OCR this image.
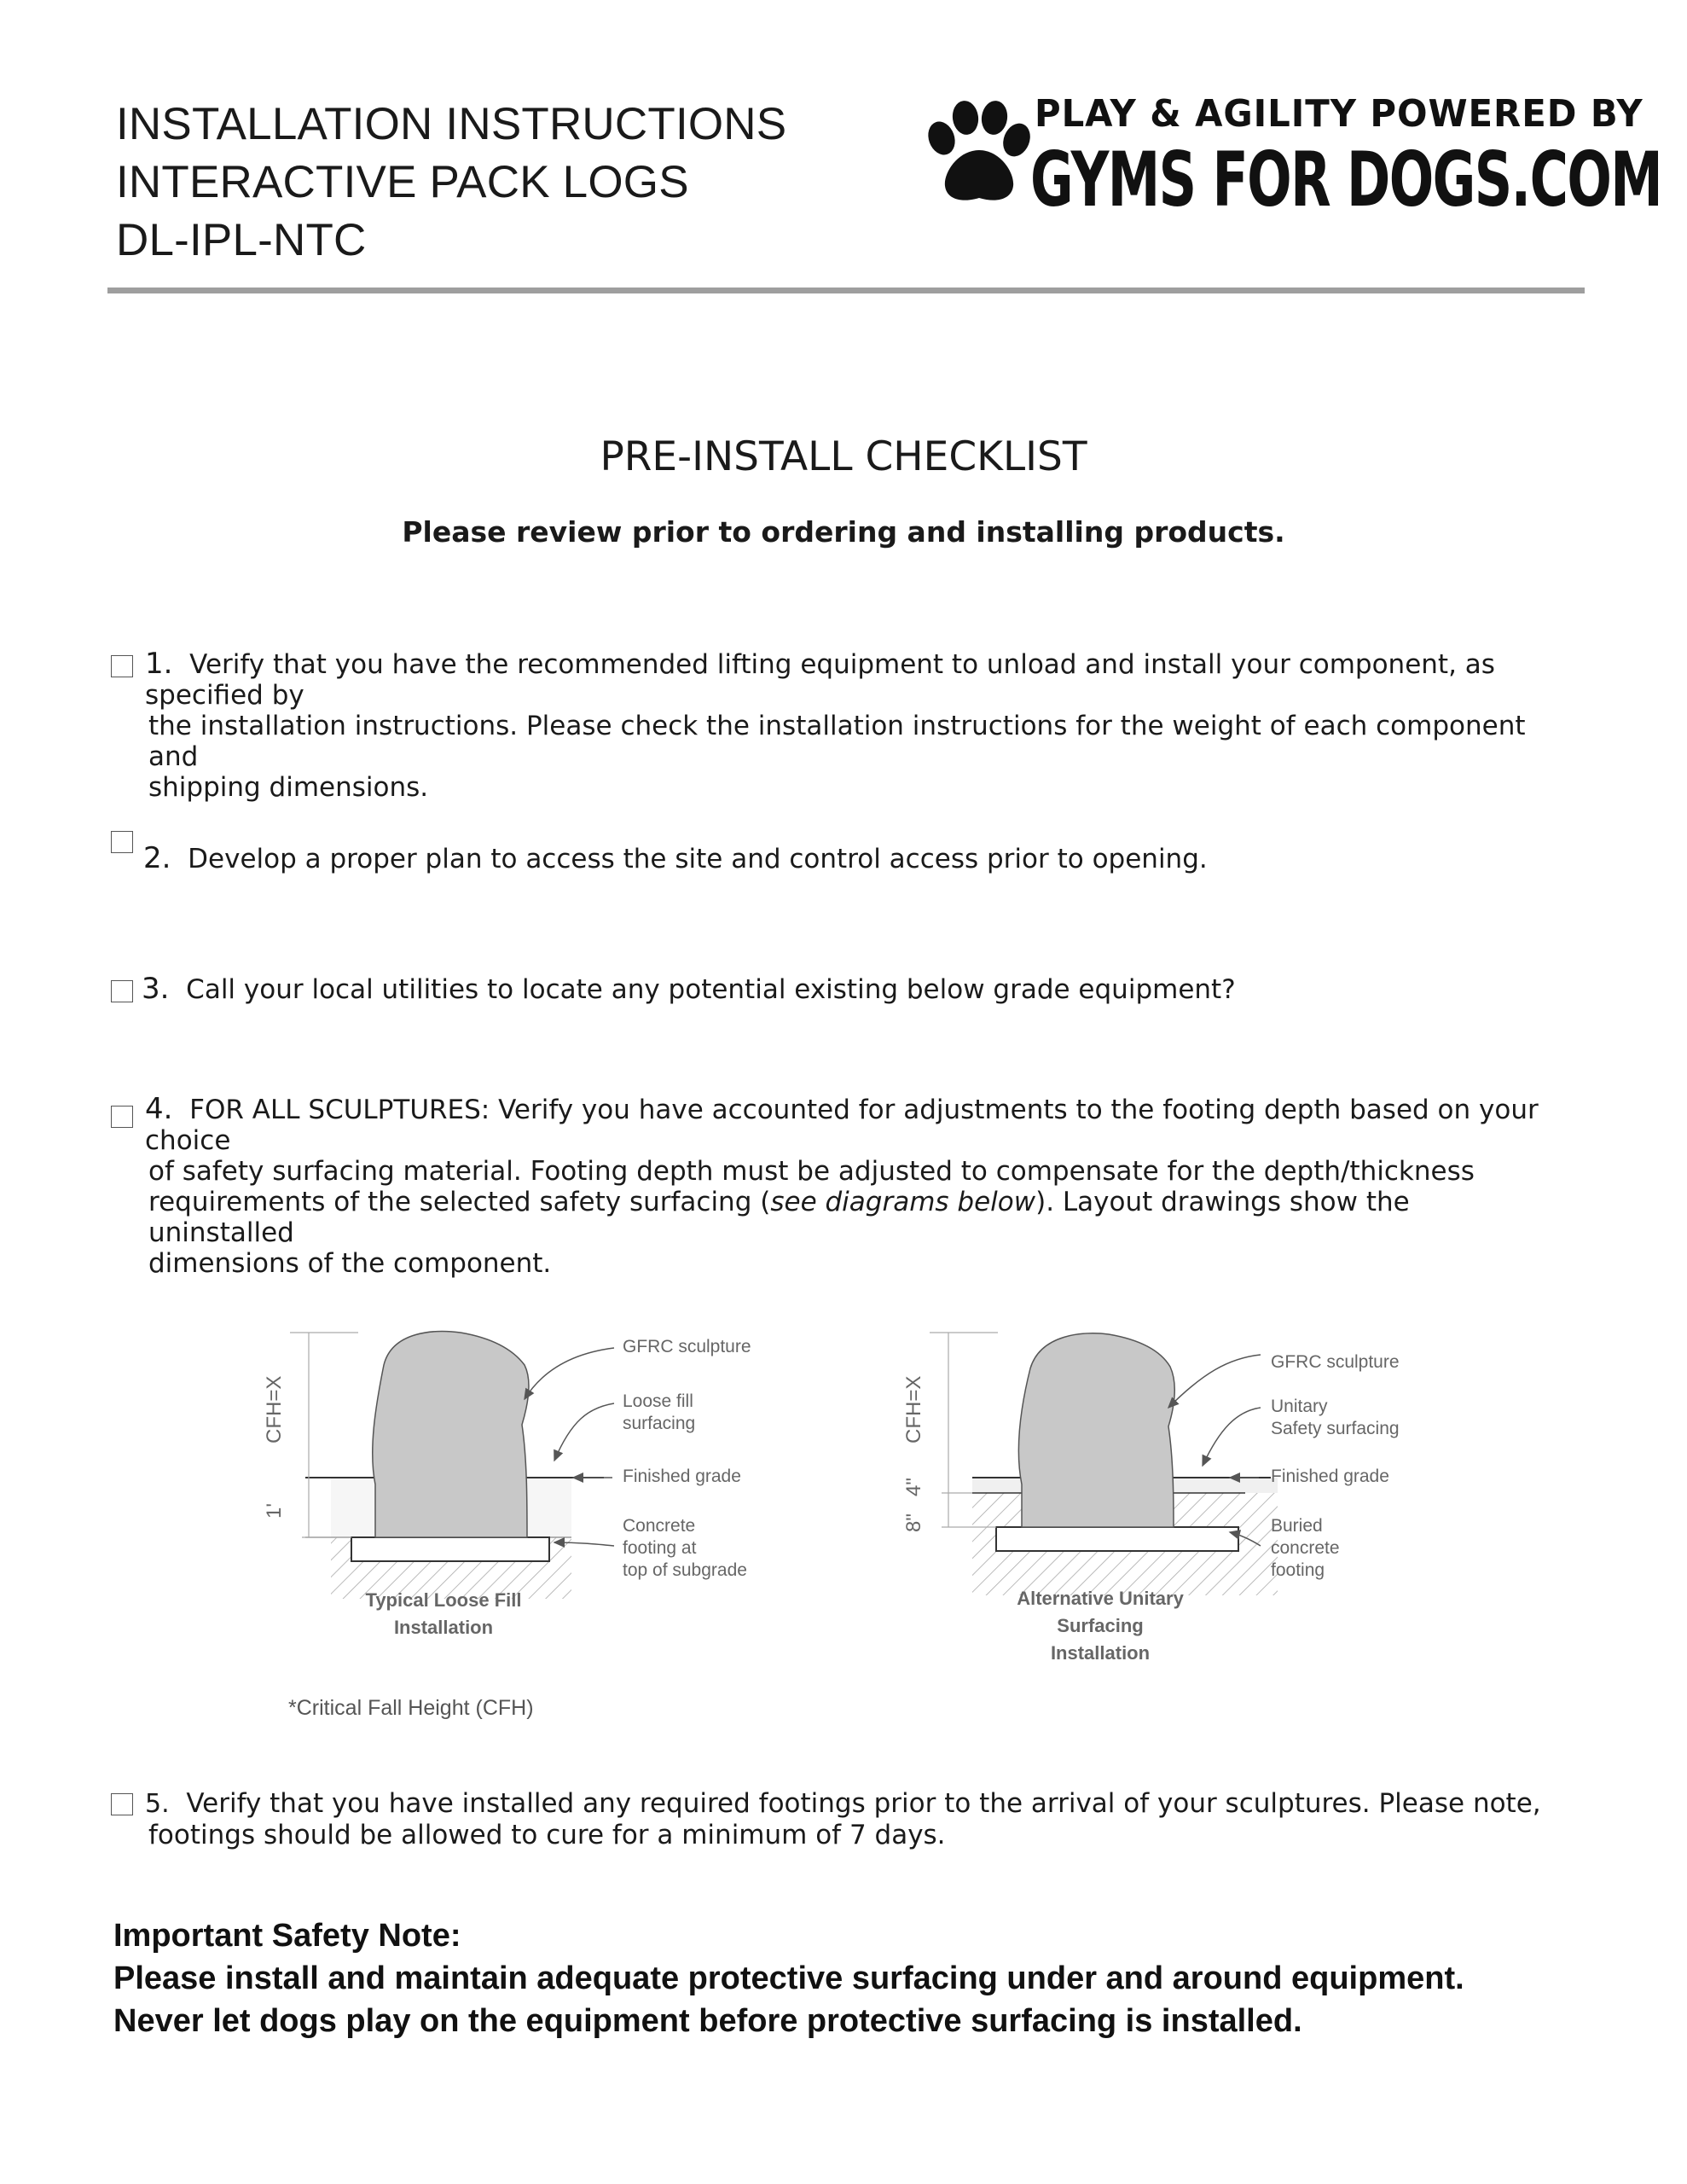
INSTALLATION INSTRUCTIONS
INTERACTIVE PACK LOGS
DL-IPL-NTC
PLAY & AGILITY POWERED BY
GYMS FOR DOGS.COM
PRE-INSTALL CHECKLIST
Please review prior to ordering and installing products.
1. Verify that you have the recommended lifting equipment to unload and install your component, as specified by
the installation instructions. Please check the installation instructions for the weight of each component and
shipping dimensions.
2. Develop a proper plan to access the site and control access prior to opening.
3. Call your local utilities to locate any potential existing below grade equipment?
4. FOR ALL SCULPTURES: Verify you have accounted for adjustments to the footing depth based on your choice
of safety surfacing material. Footing depth must be adjusted to compensate for the depth/thickness
requirements of the selected safety surfacing (see diagrams below). Layout drawings show the uninstalled
dimensions of the component.
GFRC sculpture
Loose fill
surfacing
Finished grade
Concrete
footing at
top of subgrade
CFH=X
1'
Typical Loose Fill
Installation
GFRC sculpture
Unitary
Safety surfacing
Finished grade
Buried
concrete
footing
CFH=X
4"
8"
Alternative Unitary
Surfacing
Installation
*Critical Fall Height (CFH)
5. Verify that you have installed any required footings prior to the arrival of your sculptures. Please note,
footings should be allowed to cure for a minimum of 7 days.
Important Safety Note:
Please install and maintain adequate protective surfacing under and around equipment.
Never let dogs play on the equipment before protective surfacing is installed.
